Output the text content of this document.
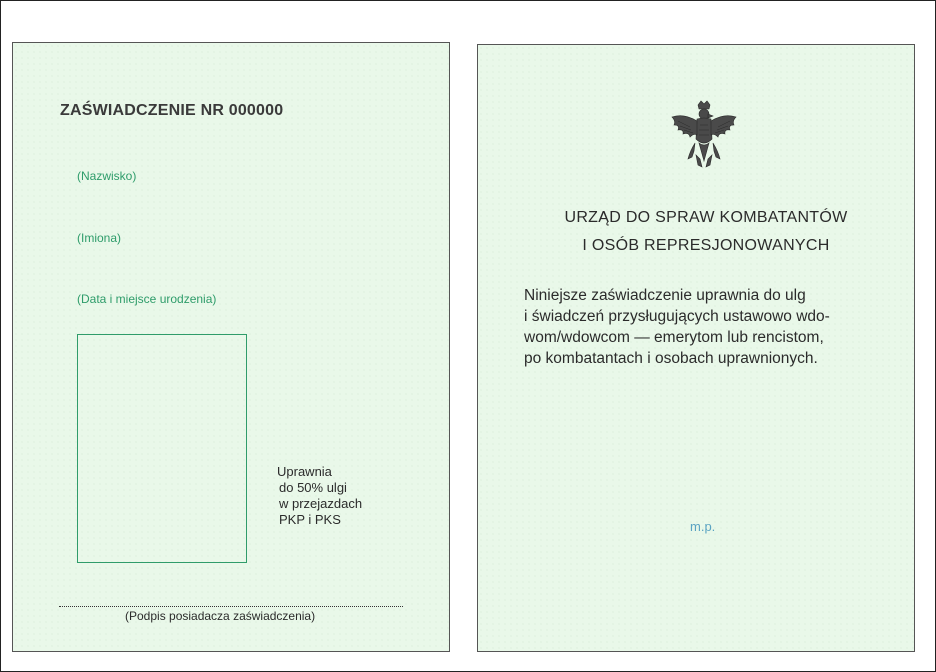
ZAŚWIADCZENIE NR 000000
(Nazwisko)
(Imiona)
(Data i miejsce urodzenia)
Uprawnia
do 50% ulgi
w przejazdach
PKP i PKS
(Podpis posiadacza zaświadczenia)
URZĄD DO SPRAW KOMBATANTÓW
I OSÓB REPRESJONOWANYCH
Niniejsze zaświadczenie uprawnia do ulg
i świadczeń przysługujących ustawowo wdo-
wom/wdowcom — emerytom lub rencistom,
po kombatantach i osobach uprawnionych.
m.p.
